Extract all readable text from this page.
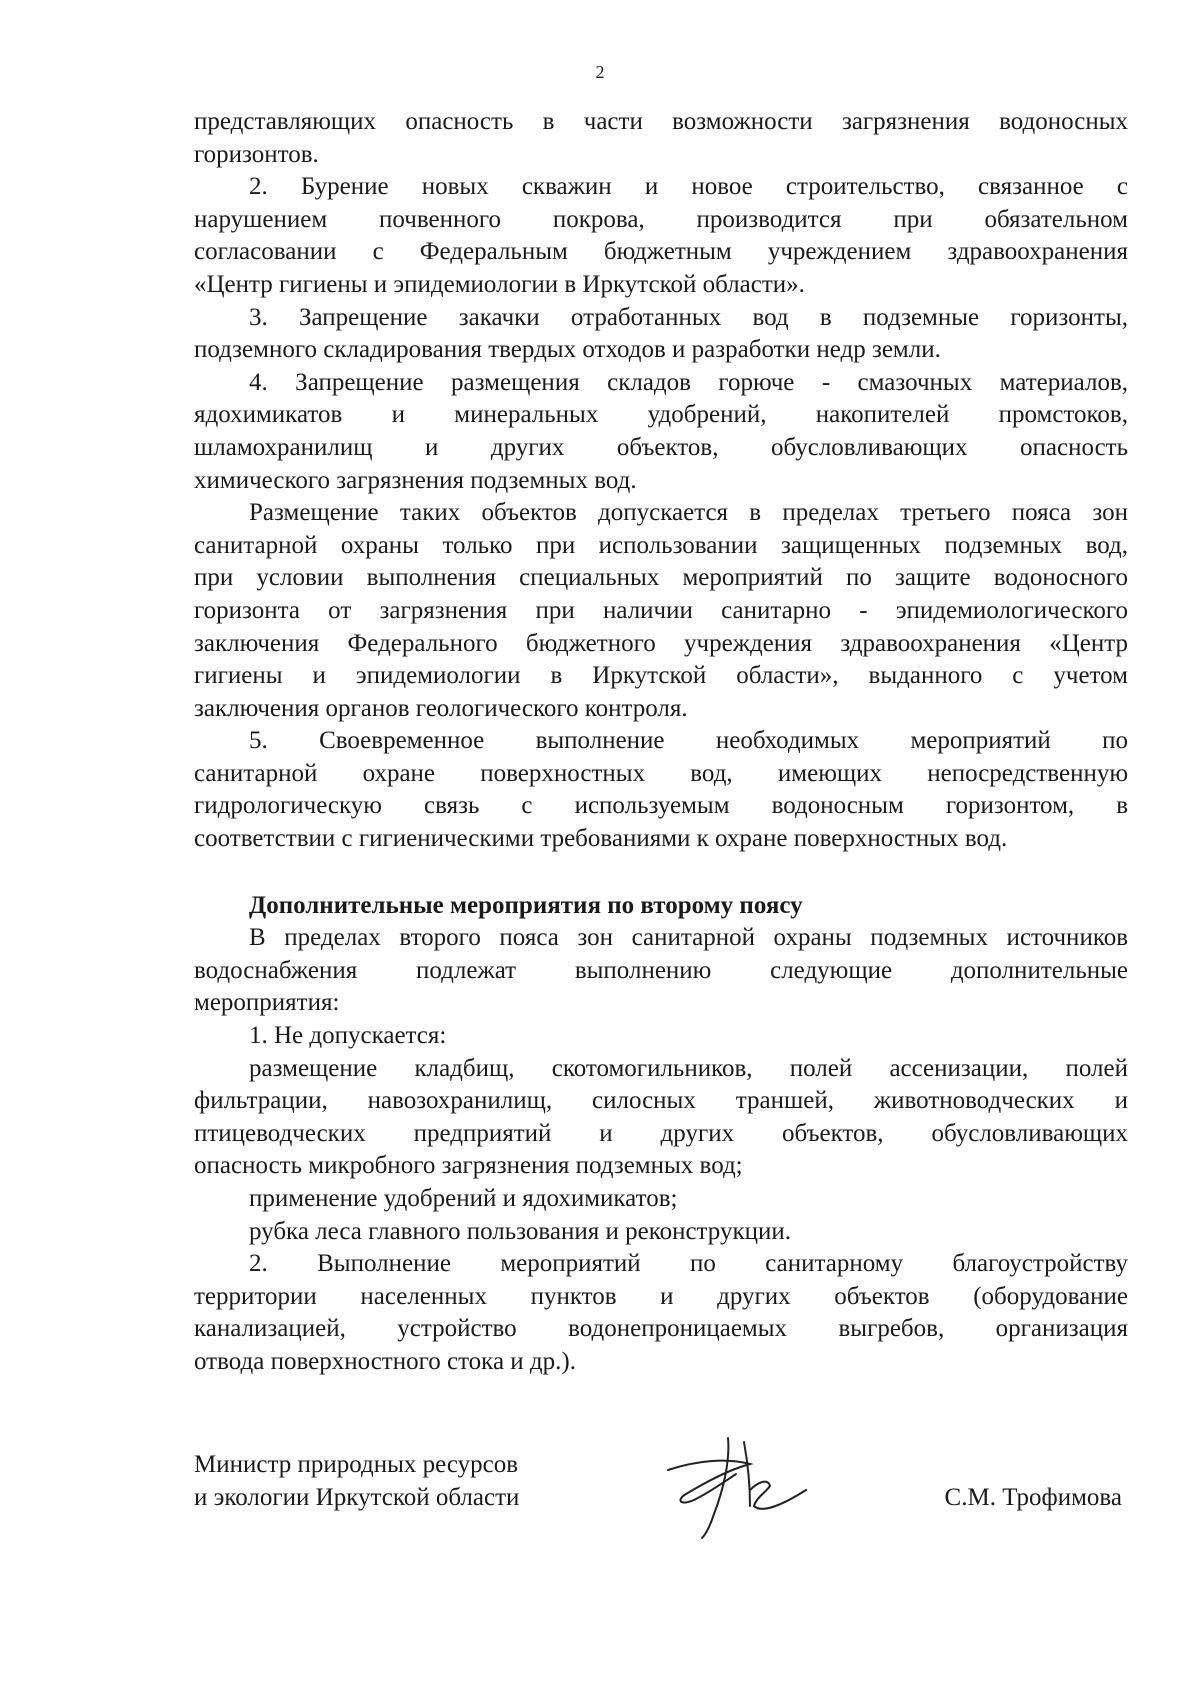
2
представляющих опасность в части возможности загрязнения водоносных
горизонтов.
2. Бурение новых скважин и новое строительство, связанное с
нарушением почвенного покрова, производится при обязательном
согласовании с Федеральным бюджетным учреждением здравоохранения
«Центр гигиены и эпидемиологии в Иркутской области».
3. Запрещение закачки отработанных вод в подземные горизонты,
подземного складирования твердых отходов и разработки недр земли.
4. Запрещение размещения складов горюче - смазочных материалов,
ядохимикатов и минеральных удобрений, накопителей промстоков,
шламохранилищ и других объектов, обусловливающих опасность
химического загрязнения подземных вод.
Размещение таких объектов допускается в пределах третьего пояса зон
санитарной охраны только при использовании защищенных подземных вод,
при условии выполнения специальных мероприятий по защите водоносного
горизонта от загрязнения при наличии санитарно - эпидемиологического
заключения Федерального бюджетного учреждения здравоохранения «Центр
гигиены и эпидемиологии в Иркутской области», выданного с учетом
заключения органов геологического контроля.
5. Своевременное выполнение необходимых мероприятий по
санитарной охране поверхностных вод, имеющих непосредственную
гидрологическую связь с используемым водоносным горизонтом, в
соответствии с гигиеническими требованиями к охране поверхностных вод.
Дополнительные мероприятия по второму поясу
В пределах второго пояса зон санитарной охраны подземных источников
водоснабжения подлежат выполнению следующие дополнительные
мероприятия:
1. Не допускается:
размещение кладбищ, скотомогильников, полей ассенизации, полей
фильтрации, навозохранилищ, силосных траншей, животноводческих и
птицеводческих предприятий и других объектов, обусловливающих
опасность микробного загрязнения подземных вод;
применение удобрений и ядохимикатов;
рубка леса главного пользования и реконструкции.
2. Выполнение мероприятий по санитарному благоустройству
территории населенных пунктов и других объектов (оборудование
канализацией, устройство водонепроницаемых выгребов, организация
отвода поверхностного стока и др.).
Министр природных ресурсов
и экологии Иркутской области	С.М. Трофимова
